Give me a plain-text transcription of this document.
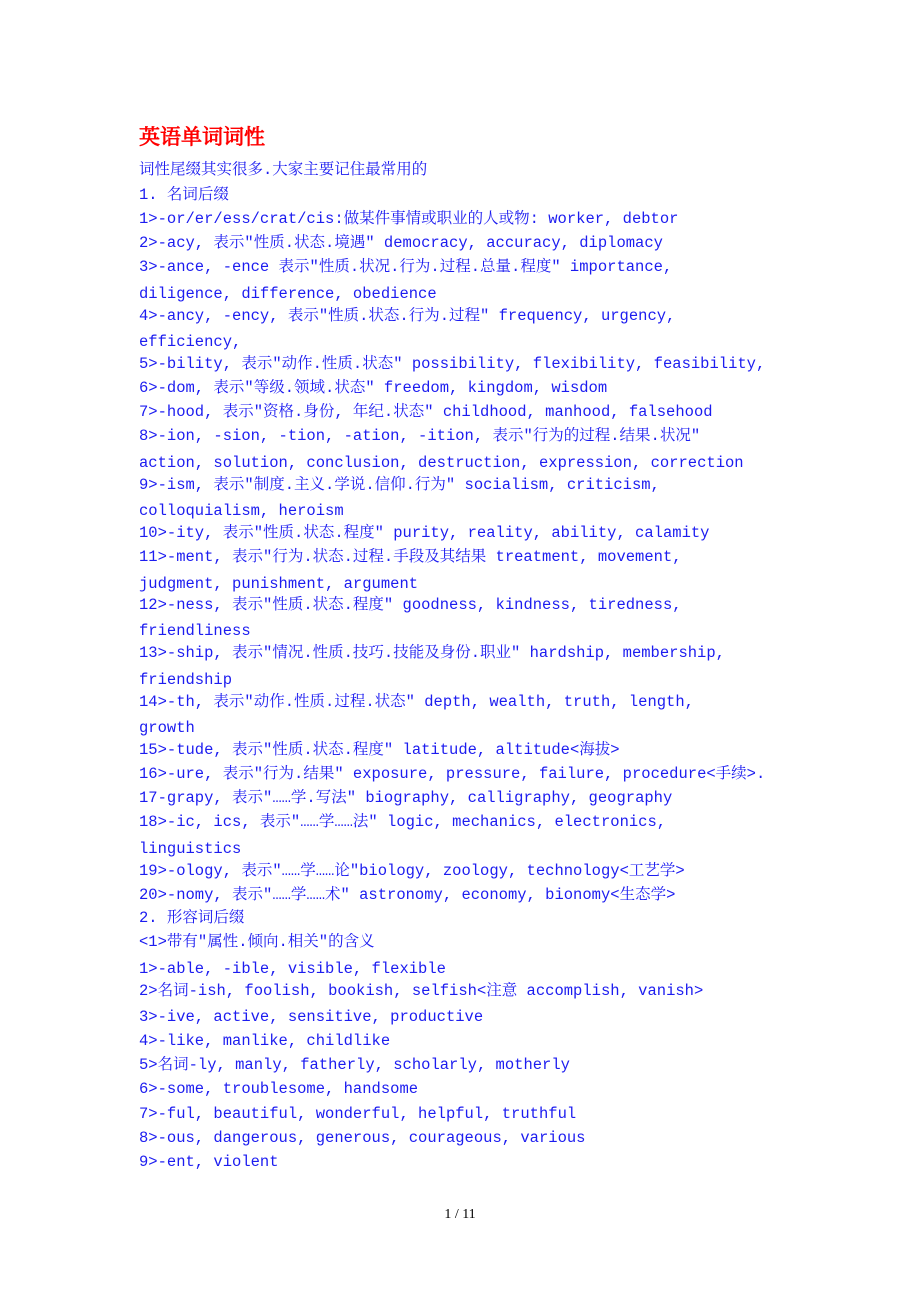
英语单词词性
词性尾缀其实很多.大家主要记住最常用的
1. 名词后缀
1>-or/er/ess/crat/cis:做某件事情或职业的人或物: worker, debtor
2>-acy, 表示"性质.状态.境遇" democracy, accuracy, diplomacy
3>-ance, -ence 表示"性质.状况.行为.过程.总量.程度" importance,
diligence, difference, obedience
4>-ancy, -ency, 表示"性质.状态.行为.过程" frequency, urgency,
efficiency,
5>-bility, 表示"动作.性质.状态" possibility, flexibility, feasibility,
6>-dom, 表示"等级.领域.状态" freedom, kingdom, wisdom
7>-hood, 表示"资格.身份, 年纪.状态" childhood, manhood, falsehood
8>-ion, -sion, -tion, -ation, -ition, 表示"行为的过程.结果.状况"
action, solution, conclusion, destruction, expression, correction
9>-ism, 表示"制度.主义.学说.信仰.行为" socialism, criticism,
colloquialism, heroism
10>-ity, 表示"性质.状态.程度" purity, reality, ability, calamity
11>-ment, 表示"行为.状态.过程.手段及其结果 treatment, movement,
judgment, punishment, argument
12>-ness, 表示"性质.状态.程度" goodness, kindness, tiredness,
friendliness
13>-ship, 表示"情况.性质.技巧.技能及身份.职业" hardship, membership,
friendship
14>-th, 表示"动作.性质.过程.状态" depth, wealth, truth, length,
growth
15>-tude, 表示"性质.状态.程度" latitude, altitude<海拔>
16>-ure, 表示"行为.结果" exposure, pressure, failure, procedure<手续>.
17-grapy, 表示"……学.写法" biography, calligraphy, geography
18>-ic, ics, 表示"……学……法" logic, mechanics, electronics,
linguistics
19>-ology, 表示"……学……论"biology, zoology, technology<工艺学>
20>-nomy, 表示"……学……术" astronomy, economy, bionomy<生态学>
2. 形容词后缀
<1>带有"属性.倾向.相关"的含义
1>-able, -ible, visible, flexible
2>名词-ish, foolish, bookish, selfish<注意 accomplish, vanish>
3>-ive, active, sensitive, productive
4>-like, manlike, childlike
5>名词-ly, manly, fatherly, scholarly, motherly
6>-some, troublesome, handsome
7>-ful, beautiful, wonderful, helpful, truthful
8>-ous, dangerous, generous, courageous, various
9>-ent, violent
1 / 11
